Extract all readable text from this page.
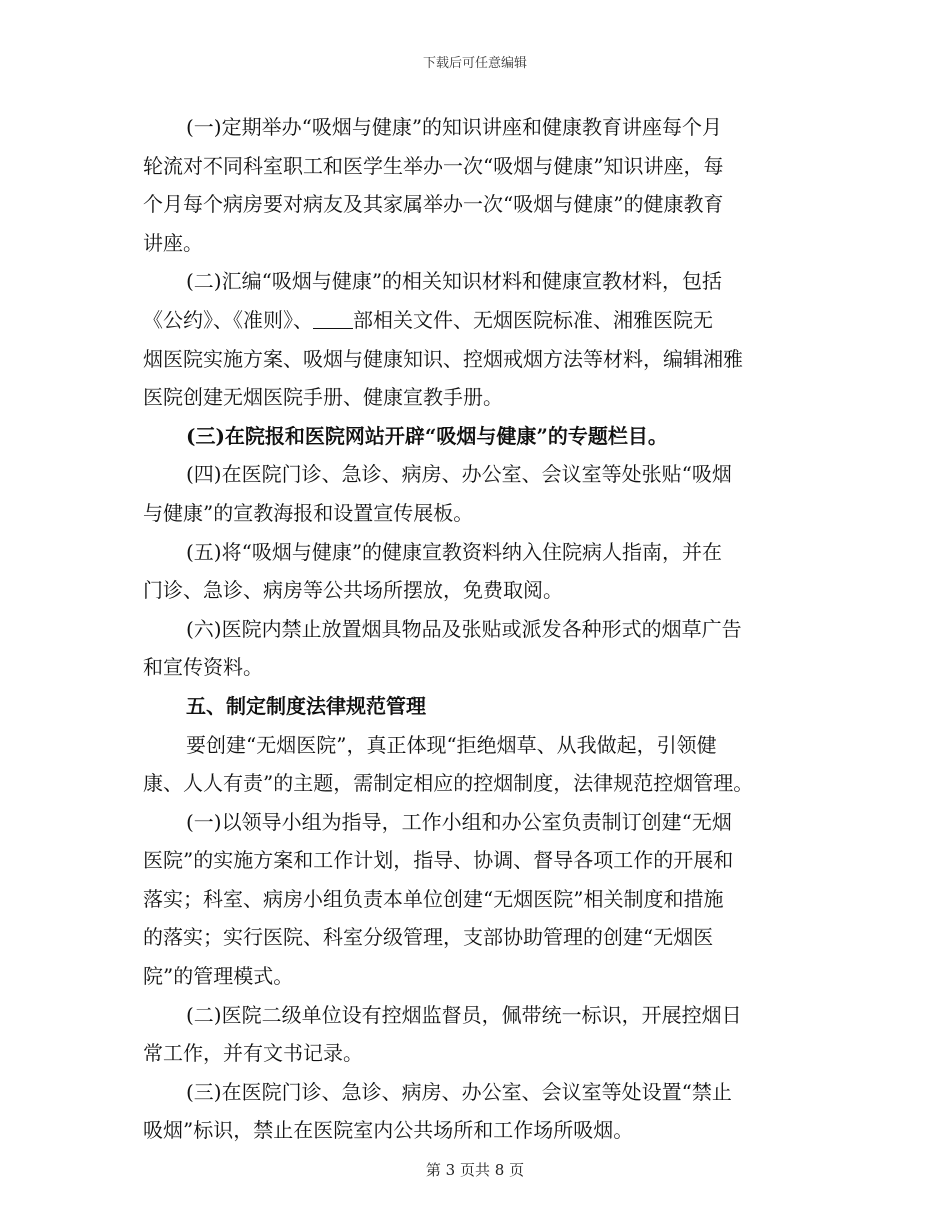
下载后可任意编辑
(一)定期举办“吸烟与健康”的知识讲座和健康教育讲座每个月
轮流对不同科室职工和医学生举办一次“吸烟与健康”知识讲座，每
个月每个病房要对病友及其家属举办一次“吸烟与健康”的健康教育
讲座。
(二)汇编“吸烟与健康”的相关知识材料和健康宣教材料，包括
《公约》、《准则》、 部相关文件、无烟医院标准、湘雅医院无
烟医院实施方案、吸烟与健康知识、控烟戒烟方法等材料，编辑湘雅
医院创建无烟医院手册、健康宣教手册。
(三)在院报和医院网站开辟“吸烟与健康”的专题栏目。
(四)在医院门诊、急诊、病房、办公室、会议室等处张贴“吸烟
与健康”的宣教海报和设置宣传展板。
(五)将“吸烟与健康”的健康宣教资料纳入住院病人指南，并在
门诊、急诊、病房等公共场所摆放，免费取阅。
(六)医院内禁止放置烟具物品及张贴或派发各种形式的烟草广告
和宣传资料。
五、制定制度法律规范管理
要创建“无烟医院”，真正体现“拒绝烟草、从我做起，引领健
康、人人有责”的主题，需制定相应的控烟制度，法律规范控烟管理。
(一)以领导小组为指导，工作小组和办公室负责制订创建“无烟
医院”的实施方案和工作计划，指导、协调、督导各项工作的开展和
落实；科室、病房小组负责本单位创建“无烟医院”相关制度和措施
的落实；实行医院、科室分级管理，支部协助管理的创建“无烟医
院”的管理模式。
(二)医院二级单位设有控烟监督员，佩带统一标识，开展控烟日
常工作，并有文书记录。
(三)在医院门诊、急诊、病房、办公室、会议室等处设置“禁止
吸烟”标识，禁止在医院室内公共场所和工作场所吸烟。
第 3 页共 8 页
